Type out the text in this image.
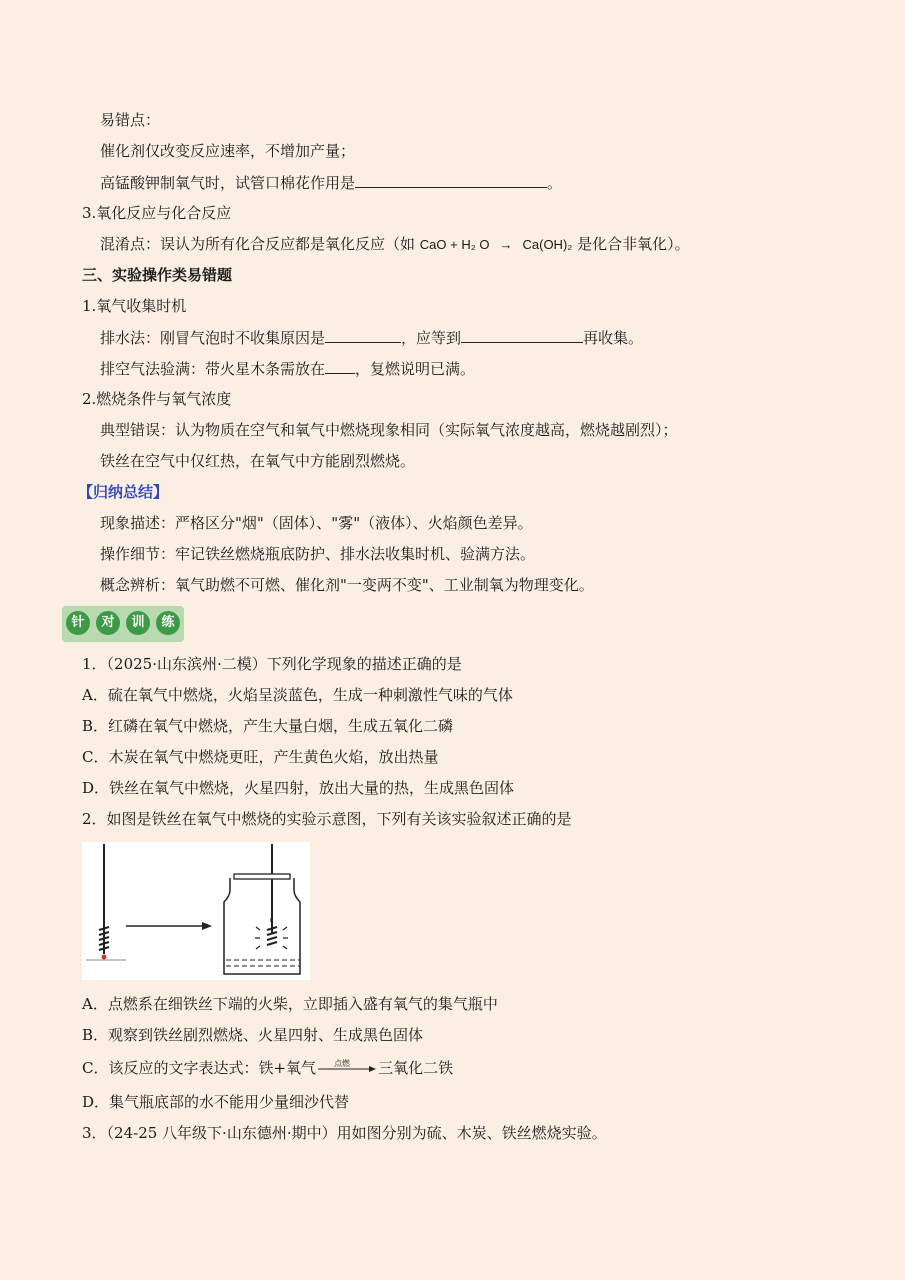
易错点：
催化剂仅改变反应速率，不增加产量；
高锰酸钾制氧气时，试管口棉花作用是	。
3.氧化反应与化合反应
混淆点：误认为所有化合反应都是氧化反应（如 CaO + H₂ O → Ca(OH)₂ 是化合非氧化）。
三、实验操作类易错题
1.氧气收集时机
排水法：刚冒气泡时不收集原因是	，应等到	再收集。
排空气法验满：带火星木条需放在 ，复燃说明已满。
2.燃烧条件与氧气浓度
典型错误：认为物质在空气和氧气中燃烧现象相同（实际氧气浓度越高，燃烧越剧烈）；
铁丝在空气中仅红热，在氧气中方能剧烈燃烧。
【归纳总结】
现象描述：严格区分"烟"（固体）、"雾"（液体）、火焰颜色差异。
操作细节：牢记铁丝燃烧瓶底防护、排水法收集时机、验满方法。
概念辨析：氧气助燃不可燃、催化剂"一变两不变"、工业制氧为物理变化。
针	对	训	练
1．（2025·山东滨州·二模）下列化学现象的描述正确的是
A．硫在氧气中燃烧，火焰呈淡蓝色，生成一种刺激性气味的气体
B．红磷在氧气中燃烧，产生大量白烟，生成五氧化二磷
C．木炭在氧气中燃烧更旺，产生黄色火焰，放出热量
D．铁丝在氧气中燃烧，火星四射，放出大量的热，生成黑色固体
2．如图是铁丝在氧气中燃烧的实验示意图，下列有关该实验叙述正确的是
A．点燃系在细铁丝下端的火柴，立即插入盛有氧气的集气瓶中
B．观察到铁丝剧烈燃烧、火星四射、生成黑色固体
C．该反应的文字表达式：铁+氧气 点燃 三氧化二铁
D．集气瓶底部的水不能用少量细沙代替
3．（24-25 八年级下·山东德州·期中）用如图分别为硫、木炭、铁丝燃烧实验。
